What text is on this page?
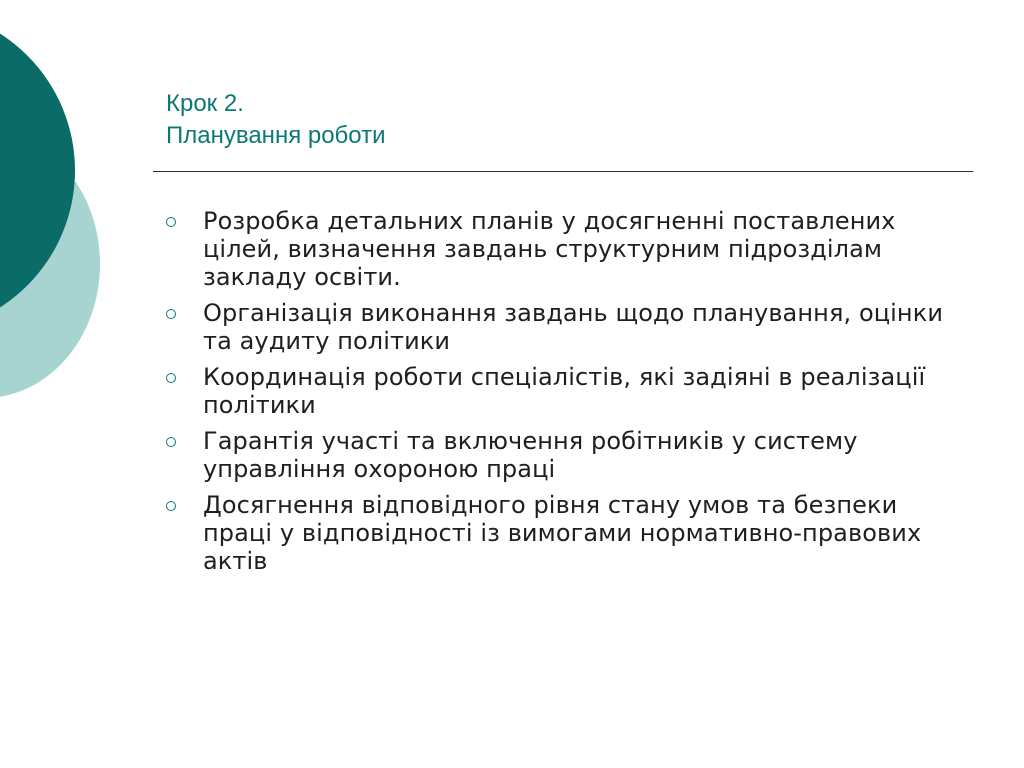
Крок 2.
Планування роботи
Розробка детальних планів у досягненні поставлених цілей, визначення завдань структурним підрозділам закладу освіти.
Організація виконання завдань щодо планування, оцінки та аудиту політики
Координація роботи спеціалістів, які задіяні в реалізації політики
Гарантія участі та включення робітників у систему управління охороною праці
Досягнення відповідного рівня стану умов та безпеки праці у відповідності із вимогами нормативно-правових актів
